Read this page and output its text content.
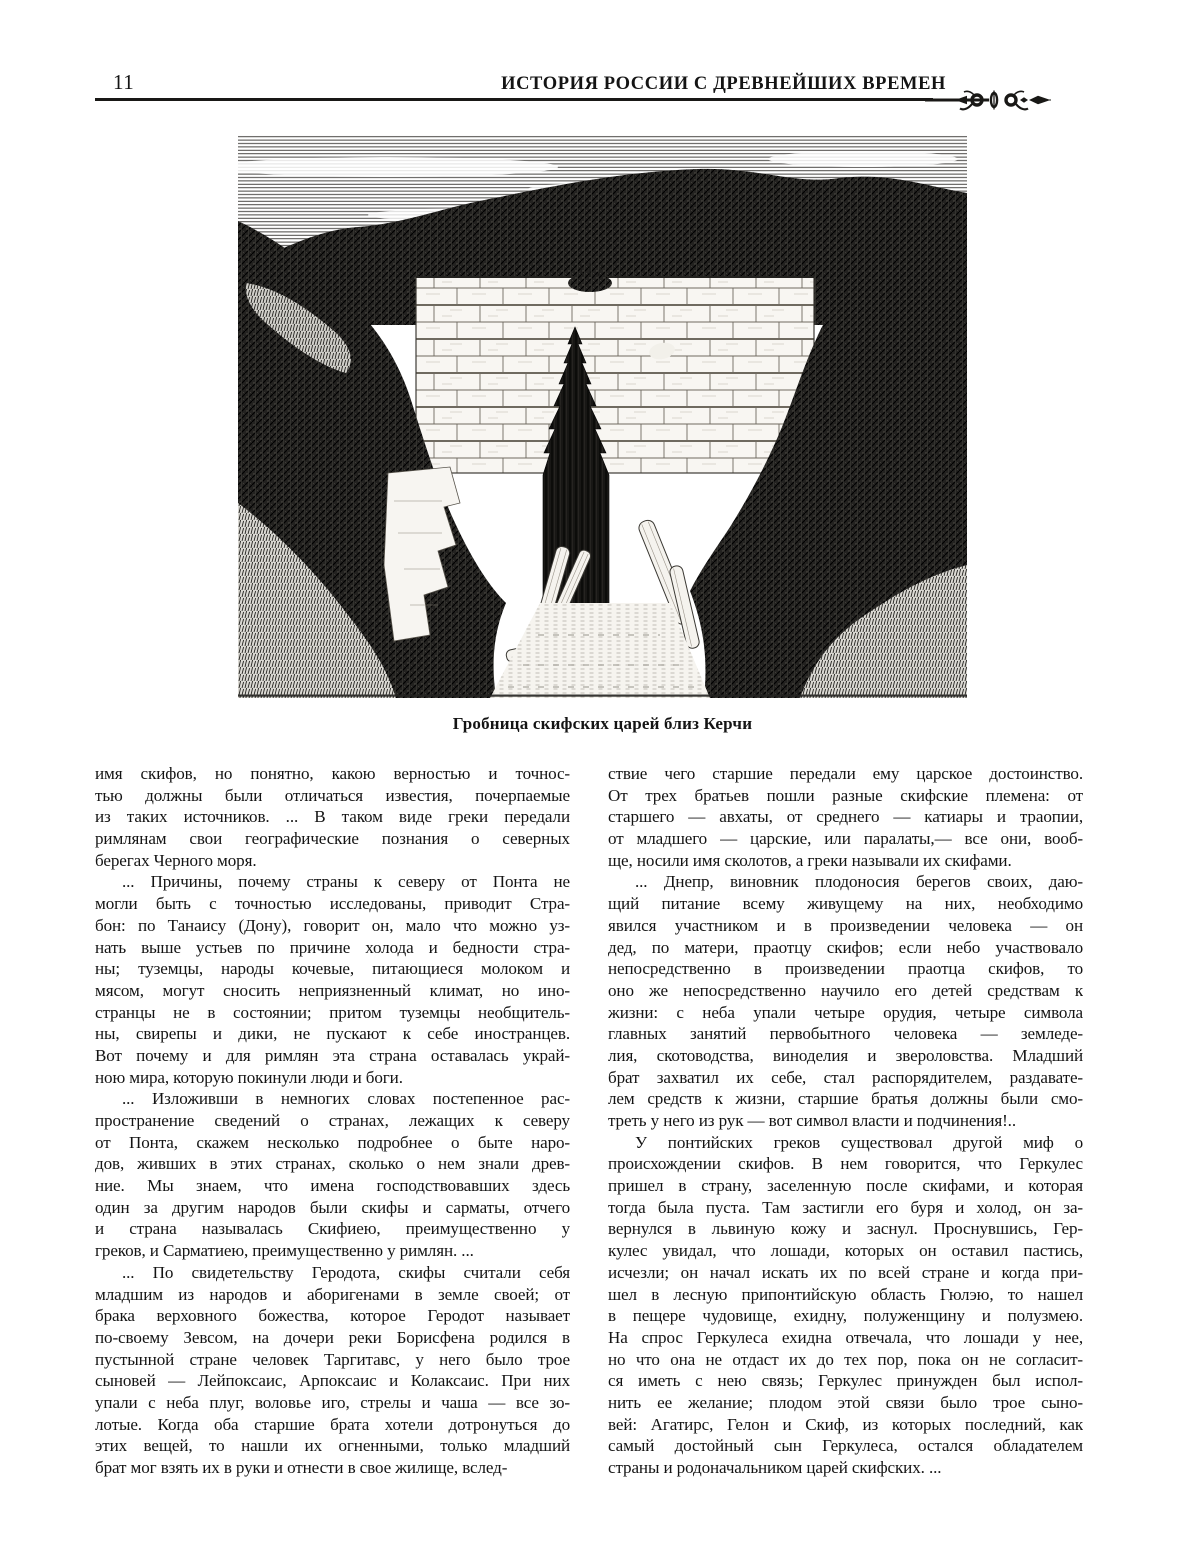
11	ИСТОРИЯ РОССИИ С ДРЕВНЕЙШИХ ВРЕМЕН
Гробница скифских царей близ Керчи
имя скифов, но понятно, какою верностью и точнос-
тью должны были отличаться известия, почерпаемые
из таких источников. ... В таком виде греки передали
римлянам свои географические познания о северных
берегах Черного моря.
... Причины, почему страны к северу от Понта не
могли быть с точностью исследованы, приводит Стра-
бон: по Танаису (Дону), говорит он, мало что можно уз-
нать выше устьев по причине холода и бедности стра-
ны; туземцы, народы кочевые, питающиеся молоком и
мясом, могут сносить неприязненный климат, но ино-
странцы не в состоянии; притом туземцы необщитель-
ны, свирепы и дики, не пускают к себе иностранцев.
Вот почему и для римлян эта страна оставалась украй-
ною мира, которую покинули люди и боги.
... Изложивши в немногих словах постепенное рас-
пространение сведений о странах, лежащих к северу
от Понта, скажем несколько подробнее о быте наро-
дов, живших в этих странах, сколько о нем знали древ-
ние. Мы знаем, что имена господствовавших здесь
один за другим народов были скифы и сарматы, отчего
и страна называлась Скифиею, преимущественно у
греков, и Сарматиею, преимущественно у римлян. ...
... По свидетельству Геродота, скифы считали себя
младшим из народов и аборигенами в земле своей; от
брака верховного божества, которое Геродот называет
по-своему Зевсом, на дочери реки Борисфена родился в
пустынной стране человек Таргитавс, у него было трое
сыновей — Лейпоксаис, Арпоксаис и Колаксаис. При них
упали с неба плуг, воловье иго, стрелы и чаша — все зо-
лотые. Когда оба старшие брата хотели дотронуться до
этих вещей, то нашли их огненными, только младший
брат мог взять их в руки и отнести в свое жилище, вслед-
ствие чего старшие передали ему царское достоинство.
От трех братьев пошли разные скифские племена: от
старшего — авхаты, от среднего — катиары и траопии,
от младшего — царские, или паралаты,— все они, вооб-
ще, носили имя сколотов, а греки называли их скифами.
... Днепр, виновник плодоносия берегов своих, даю-
щий питание всему живущему на них, необходимо
явился участником и в произведении человека — он
дед, по матери, праотцу скифов; если небо участвовало
непосредственно в произведении праотца скифов, то
оно же непосредственно научило его детей средствам к
жизни: с неба упали четыре орудия, четыре символа
главных занятий первобытного человека — земледе-
лия, скотоводства, виноделия и звероловства. Младший
брат захватил их себе, стал распорядителем, раздавате-
лем средств к жизни, старшие братья должны были смо-
треть у него из рук — вот символ власти и подчинения!..
У понтийских греков существовал другой миф о
происхождении скифов. В нем говорится, что Геркулес
пришел в страну, заселенную после скифами, и которая
тогда была пуста. Там застигли его буря и холод, он за-
вернулся в львиную кожу и заснул. Проснувшись, Гер-
кулес увидал, что лошади, которых он оставил пастись,
исчезли; он начал искать их по всей стране и когда при-
шел в лесную припонтийскую область Гюлэю, то нашел
в пещере чудовище, ехидну, полуженщину и полузмею.
На спрос Геркулеса ехидна отвечала, что лошади у нее,
но что она не отдаст их до тех пор, пока он не согласит-
ся иметь с нею связь; Геркулес принужден был испол-
нить ее желание; плодом этой связи было трое сыно-
вей: Агатирс, Гелон и Скиф, из которых последний, как
самый достойный сын Геркулеса, остался обладателем
страны и родоначальником царей скифских. ...
